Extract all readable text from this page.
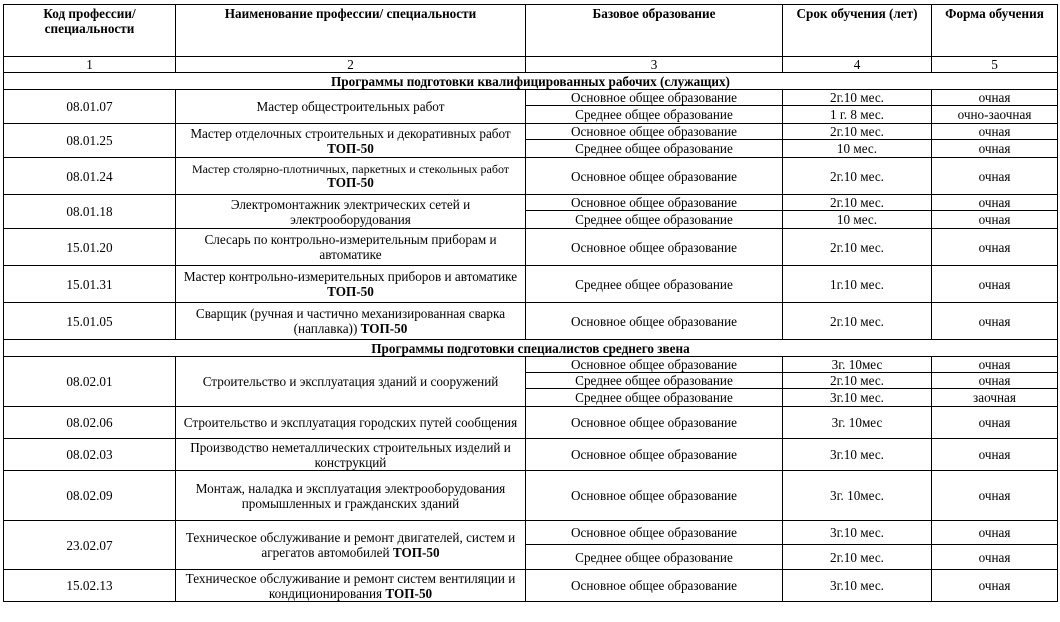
Код профессии/ специальности	Наименование профессии/ специальности	Базовое образование	Срок обучения (лет)	Форма обучения
1	2	3	4	5
Программы подготовки квалифицированных рабочих (служащих)				
08.01.07	Мастер общестроительных работ	Основное общее образование	2г.10 мес.	очная
		Среднее общее образование	1 г. 8 мес.	очно-заочная
08.01.25	Мастер отделочных строительных и декоративных работ ТОП-50	Основное общее образование	2г.10 мес.	очная
		Среднее общее образование	10 мес.	очная
08.01.24	Мастер столярно-плотничных, паркетных и стекольных работ ТОП-50	Основное общее образование	2г.10 мес.	очная
08.01.18	Электромонтажник электрических сетей и электрооборудования	Основное общее образование	2г.10 мес.	очная
		Среднее общее образование	10 мес.	очная
15.01.20	Слесарь по контрольно-измерительным приборам и автоматике	Основное общее образование	2г.10 мес.	очная
15.01.31	Мастер контрольно-измерительных приборов и автоматике ТОП-50	Среднее общее образование	1г.10 мес.	очная
15.01.05	Сварщик (ручная и частично механизированная сварка (наплавка)) ТОП-50	Основное общее образование	2г.10 мес.	очная
Программы подготовки специалистов среднего звена				
08.02.01	Строительство и эксплуатация зданий и сооружений	Основное общее образование	3г. 10мес	очная
		Среднее общее образование	2г.10 мес.	очная
		Среднее общее образование	3г.10 мес.	заочная
08.02.06	Строительство и эксплуатация городских путей сообщения	Основное общее образование	3г. 10мес	очная
08.02.03	Производство неметаллических строительных изделий и конструкций	Основное общее образование	3г.10 мес.	очная
08.02.09	Монтаж, наладка и эксплуатация электрооборудования промышленных и гражданских зданий	Основное общее образование	3г. 10мес.	очная
23.02.07	Техническое обслуживание и ремонт двигателей, систем и агрегатов автомобилей ТОП-50	Основное общее образование	3г.10 мес.	очная
		Среднее общее образование	2г.10 мес.	очная
15.02.13	Техническое обслуживание и ремонт систем вентиляции и кондиционирования ТОП-50	Основное общее образование	3г.10 мес.	очная
